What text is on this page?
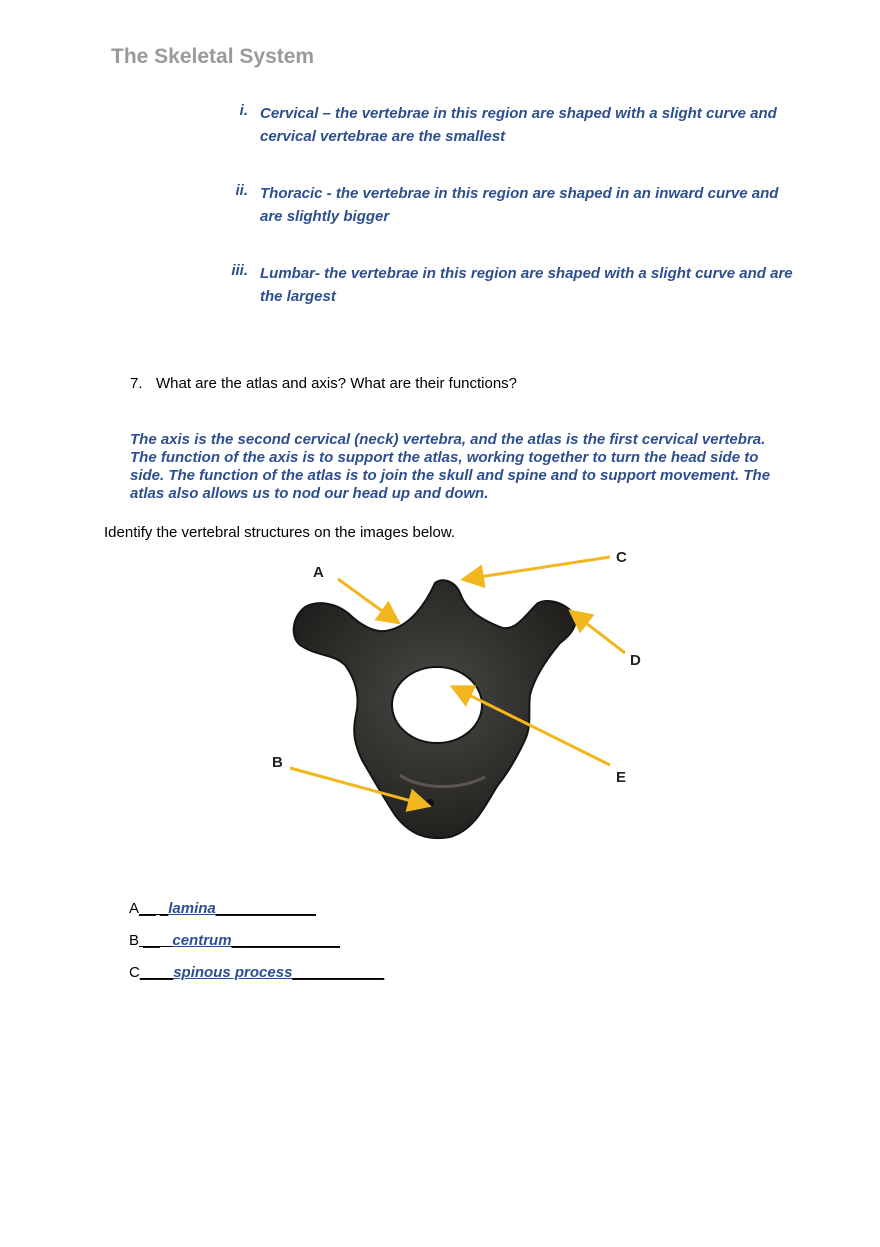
The Skeletal System
i. Cervical – the vertebrae in this region are shaped with a slight curve and cervical vertebrae are the smallest
ii. Thoracic - the vertebrae in this region are shaped in an inward curve and are slightly bigger
iii. Lumbar- the vertebrae in this region are shaped with a slight curve and are the largest
7. What are the atlas and axis? What are their functions?
The axis is the second cervical (neck) vertebra, and the atlas is the first cervical vertebra. The function of the axis is to support the atlas, working together to turn the head side to side. The function of the atlas is to join the skull and spine and to support movement. The atlas also allows us to nod our head up and down.
Identify the vertebral structures on the images below.
A
B
C
D
E
A__ _lamina____________
B __   centrum_____________
C____spinous process___________
